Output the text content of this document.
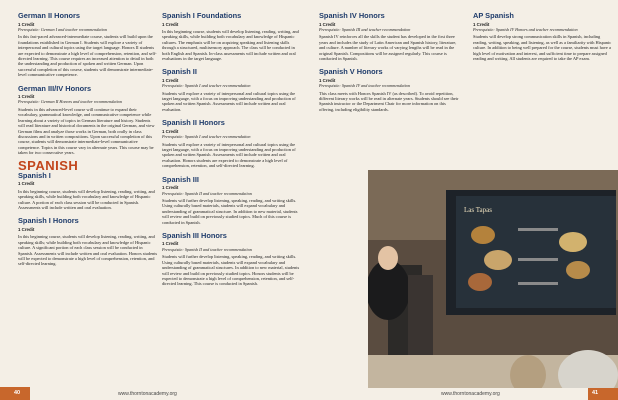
German II Honors
1 Credit
Prerequisite: German I and teacher recommendation

In this fast-paced advanced-intermediate course, students will build upon the foundations established in German I. Students will explore a variety of interpersonal and cultural topics using the target language. Honors II students are expected to demonstrate a high level of comprehension, retention, and self-directed learning. This course requires an increased attention to detail in both the understanding and production of spoken and written German. Upon successful completion of this course, students will demonstrate intermediate-level communicative competence.

German III/IV Honors
1 Credit
Prerequisite: German II Honors and teacher recommendation

Students in this advanced-level course will continue to expand their vocabulary, grammatical knowledge, and communicative competence while learning about a variety of topics in German literature and history. Students will read literature and historical documents in the original German, and view German films and analyze those works in German, both orally in class discussions and in written compositions. Upon successful completion of this course, students will demonstrate intermediate-level communicative competence. Topics in this course vary in alternate years. This course may be taken for two consecutive years.

SPANISH
Spanish I
1 Credit

In this beginning course, students will develop listening, reading, writing, and speaking skills, while building both vocabulary and knowledge of Hispanic culture. A portion of each class session will be conducted in Spanish. Assessments will include written and oral evaluation.

Spanish I Honors
1 Credit

In this beginning course, students will develop listening, reading, writing, and speaking skills; while building both vocabulary and knowledge of Hispanic culture. A significant portion of each class session will be conducted in Spanish. Assessments will include written and oral evaluation. Honors students will be expected to demonstrate a high level of comprehension, retention, and self-directed learning.

Spanish I Foundations
1 Credit

In this beginning course, students will develop listening, reading, writing, and speaking skills, while building both vocabulary and knowledge of Hispanic cultures. The emphasis will be on acquiring speaking and listening skills through a structured, multisensory approach. The class will be conducted in both English and Spanish. In-class assessments will include written and oral evaluations in the target language.

Spanish II
1 Credit
Prerequisite: Spanish I and teacher recommendation

Students will explore a variety of interpersonal and cultural topics using the target language, with a focus on improving understanding and production of spoken and written Spanish. Assessments will include written and oral evaluation.

Spanish II Honors
1 Credit
Prerequisite: Spanish I and teacher recommendation

Students will explore a variety of interpersonal and cultural topics using the target language, with a focus on improving understanding and production of spoken and written Spanish. Assessments will include written and oral evaluation. Honors students are expected to demonstrate a high level of comprehension, retention, and self-directed learning.

Spanish III
1 Credit
Prerequisite: Spanish II and teacher recommendation

Students will further develop listening, speaking, reading, and writing skills. Using culturally based materials, students will expand vocabulary and understanding of grammatical structure. In addition to new material, students will review and build on previously studied topics. Much of this course is conducted in Spanish.

Spanish III Honors
1 Credit
Prerequisite: Spanish II and teacher recommendation

Students will further develop listening, speaking, reading, and writing skills. Using culturally based materials, students will expand vocabulary and understanding of grammatical structures. In addition to new material, students will review and build on previously studied topics. Honors students will be expected to demonstrate a high level of comprehension, retention, and self-directed learning. This course is conducted in Spanish.

40	www.thorntonacademy.org
Spanish IV Honors
1 Credit
Prerequisite: Spanish III and teacher recommendation

Spanish IV reinforces all the skills the student has developed in the first three years and includes the study of Latin American and Spanish history, literature, and culture. A number of literary works of varying lengths will be read in the original Spanish. Compositions will be assigned regularly. This course is conducted in Spanish.

Spanish V Honors
1 Credit
Prerequisite: Spanish IV and teacher recommendation

This class meets with Honors Spanish IV (as described). To avoid repetition, different literary works will be read in alternate years. Students should see their Spanish instructor or the Department Chair for more information on this offering, including eligibility standards.

AP Spanish
1 Credit
Prerequisite: Spanish IV Honors and teacher recommendation

Students will develop strong communication skills in Spanish, including reading, writing, speaking, and listening, as well as a familiarity with Hispanic culture. In addition to being well prepared for the course, students must have a high level of motivation and interest, and sufficient time to prepare assigned reading and writing. All students are required to take the AP exam.

41
www.thorntonacademy.org
Las Tapas
